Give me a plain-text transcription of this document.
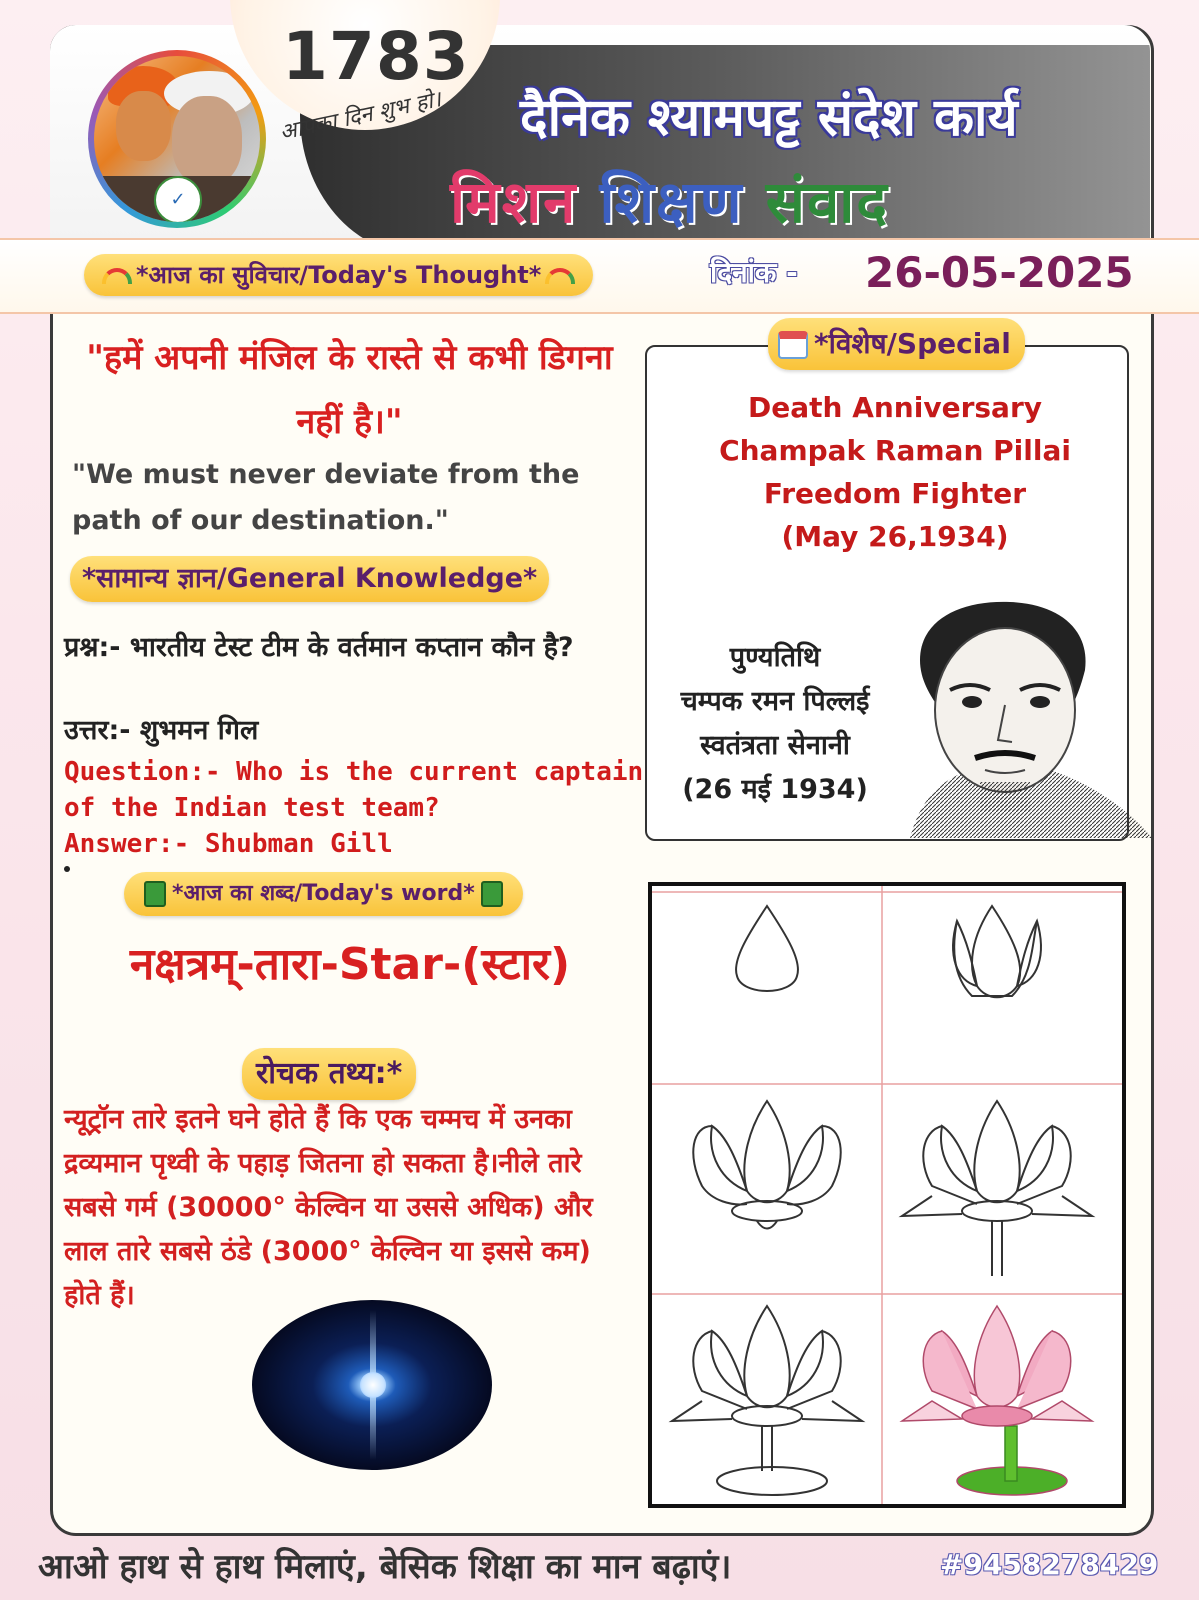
1783
आपका दिन शुभ हो।
✓
दैनिक श्यामपट्ट संदेश कार्य
मिशन शिक्षण संवाद
*आज का सुविचार/Today's Thought*	दिनांक - 26-05-2025
"हमें अपनी मंजिल के रास्ते से कभी डिगना नहीं है।"
"We must never deviate from the path of our destination."
*सामान्य ज्ञान/General Knowledge*
प्रश्न:- भारतीय टेस्ट टीम के वर्तमान कप्तान कौन है?
उत्तर:- शुभमन गिल
Question:- Who is the current captain of the Indian test team?
Answer:- Shubman Gill
*आज का शब्द/Today's word*
नक्षत्रम्-तारा-Star-(स्टार)
रोचक तथ्य:*
न्यूट्रॉन तारे इतने घने होते हैं कि एक चम्मच में उनका द्रव्यमान पृथ्वी के पहाड़ जितना हो सकता है।नीले तारे सबसे गर्म (30000° केल्विन या उससे अधिक) और लाल तारे सबसे ठंडे (3000° केल्विन या इससे कम) होते हैं।
*विशेष/Special
Death Anniversary
Champak Raman Pillai
Freedom Fighter
(May 26,1934)
पुण्यतिथि
चम्पक रमन पिल्लई
स्वतंत्रता सेनानी
(26 मई 1934)
आओ हाथ से हाथ मिलाएं, बेसिक शिक्षा का मान बढ़ाएं।	#9458278429
